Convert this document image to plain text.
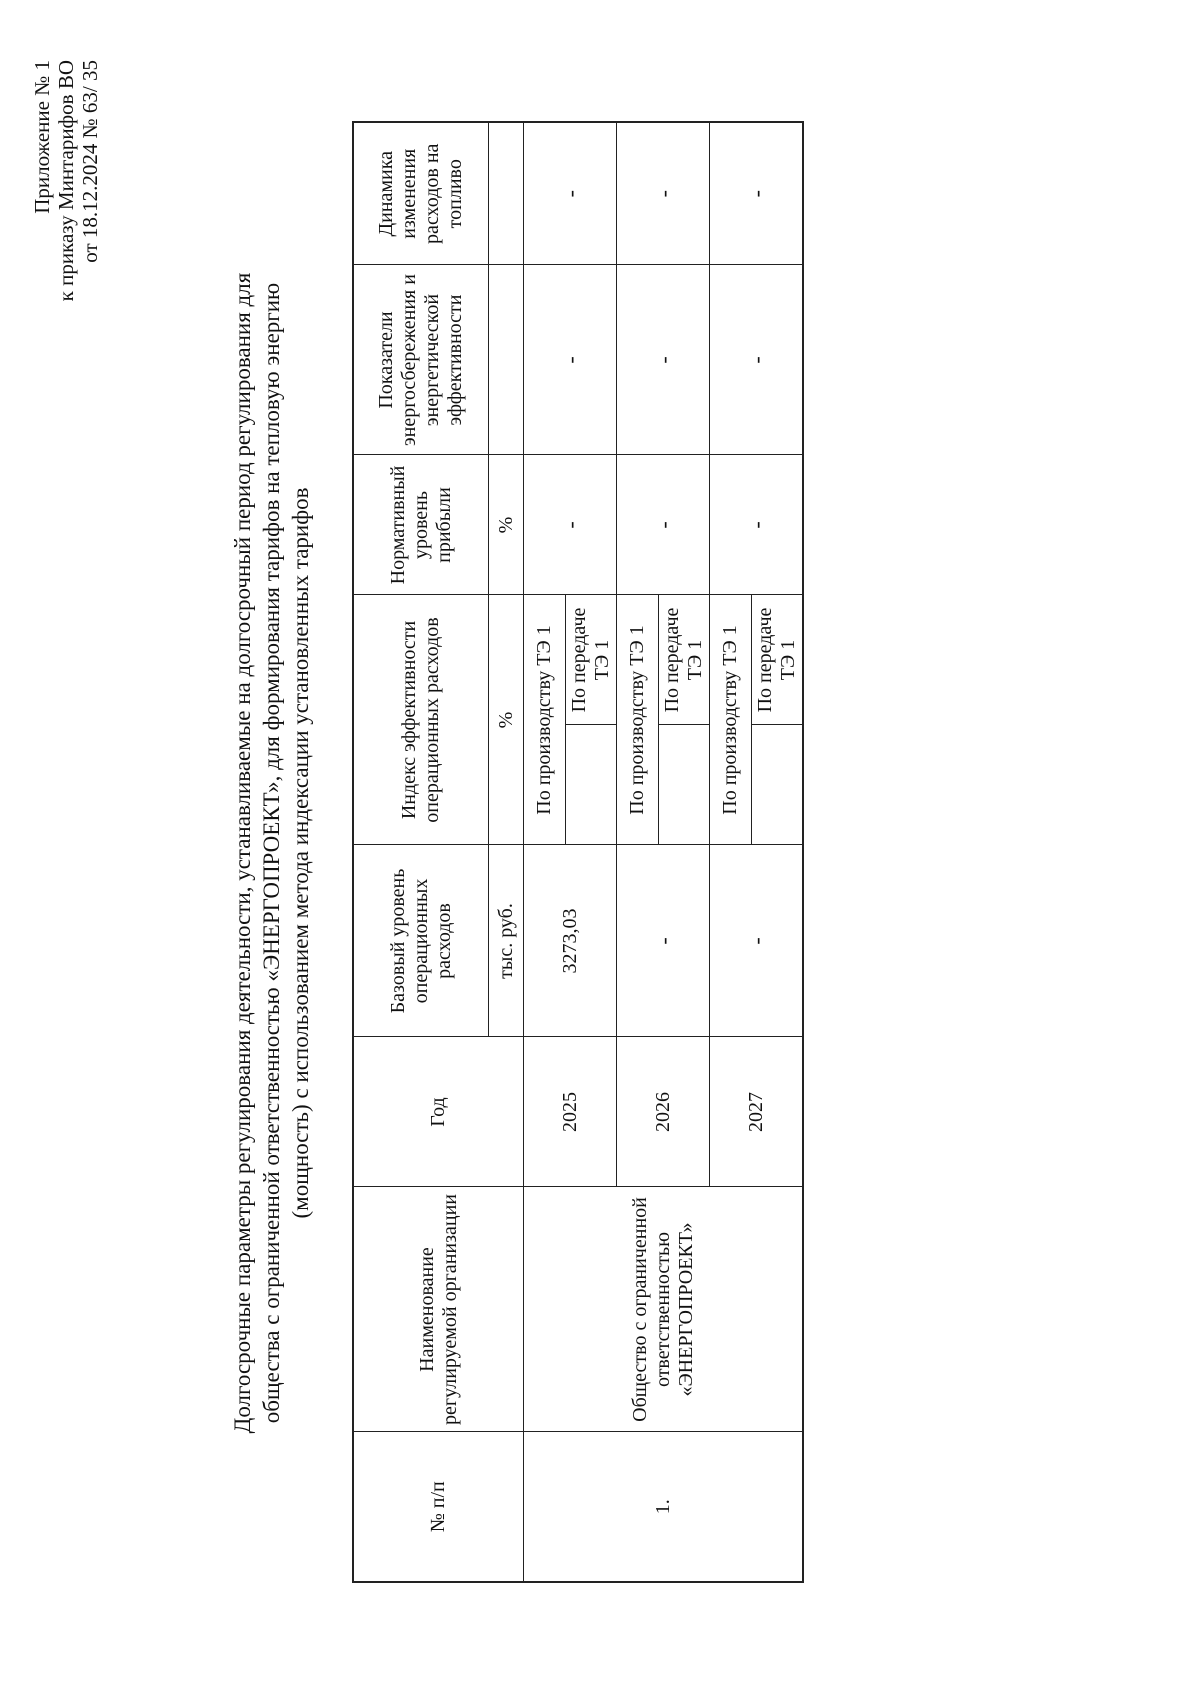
Приложение № 1 к приказу Минтарифов ВО от 18.12.2024 № 63/ 35
Долгосрочные параметры регулирования деятельности, устанавливаемые на долгосрочный период регулирования для общества с ограниченной ответственностью «ЭНЕРГОПРОЕКТ», для формирования тарифов на тепловую энергию (мощность) с использованием метода индексации установленных тарифов
№ п/п	Наименование регулируемой организации	Год	Базовый уровень операционных расходов	Индекс эффективности операционных расходов		Нормативный уровень прибыли	Показатели энергосбережения и энергетической эффективности	Динамика изменения расходов на топливо
			тыс. руб.	%		%		
1.	Общество с ограниченной ответственностью «ЭНЕРГОПРОЕКТ»	2025	3273,03	По производству ТЭ 1		-	-	-
					По передаче ТЭ 1			
		2026	-	По производству ТЭ 1		-	-	-
					По передаче ТЭ 1			
		2027	-	По производству ТЭ 1		-	-	-
					По передаче ТЭ 1			
